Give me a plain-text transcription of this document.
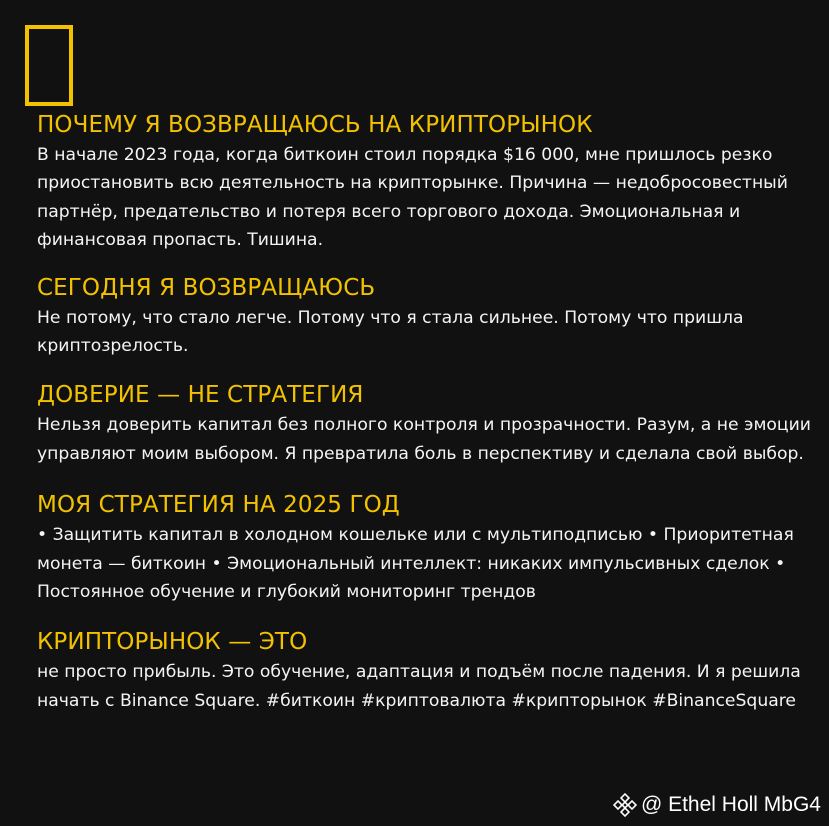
ПОЧЕМУ Я ВОЗВРАЩАЮСЬ НА КРИПТОРЫНОК

В начале 2023 года, когда биткоин стоил порядка $16 000, мне пришлось резко приостановить всю деятельность на крипторынке. Причина — недобросовестный партнёр, предательство и потеря всего торгового дохода. Эмоциональная и финансовая пропасть. Тишина.

СЕГОДНЯ Я ВОЗВРАЩАЮСЬ

Не потому, что стало легче. Потому что я стала сильнее. Потому что пришла криптозрелость.

ДОВЕРИЕ — НЕ СТРАТЕГИЯ

Нельзя доверить капитал без полного контроля и прозрачности. Разум, а не эмоции управляют моим выбором. Я превратила боль в перспективу и сделала свой выбор.

МОЯ СТРАТЕГИЯ НА 2025 ГОД

• Защитить капитал в холодном кошельке или с мультиподписью • Приоритетная монета — биткоин • Эмоциональный интеллект: никаких импульсивных сделок • Постоянное обучение и глубокий мониторинг трендов

КРИПТОРЫНОК — ЭТО

не просто прибыль. Это обучение, адаптация и подъём после падения. И я решила начать с Binance Square. #биткоин #криптовалюта #крипторынок #BinanceSquare

@ Ethel Holl MbG4
